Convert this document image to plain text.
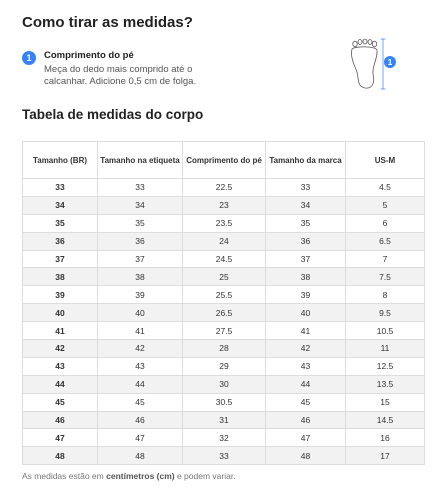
Como tirar as medidas?
1	Comprimento do pé
Meça do dedo mais comprido até o calcanhar. Adicione 0,5 cm de folga.
1
Tabela de medidas do corpo
Tamanho (BR)	Tamanho na etiqueta	Comprimento do pé	Tamanho da marca	US-M
33	33	22.5	33	4.5
34	34	23	34	5
35	35	23.5	35	6
36	36	24	36	6.5
37	37	24.5	37	7
38	38	25	38	7.5
39	39	25.5	39	8
40	40	26.5	40	9.5
41	41	27.5	41	10.5
42	42	28	42	11
43	43	29	43	12.5
44	44	30	44	13.5
45	45	30.5	45	15
46	46	31	46	14.5
47	47	32	47	16
48	48	33	48	17
As medidas estão em centímetros (cm) e podem variar.
